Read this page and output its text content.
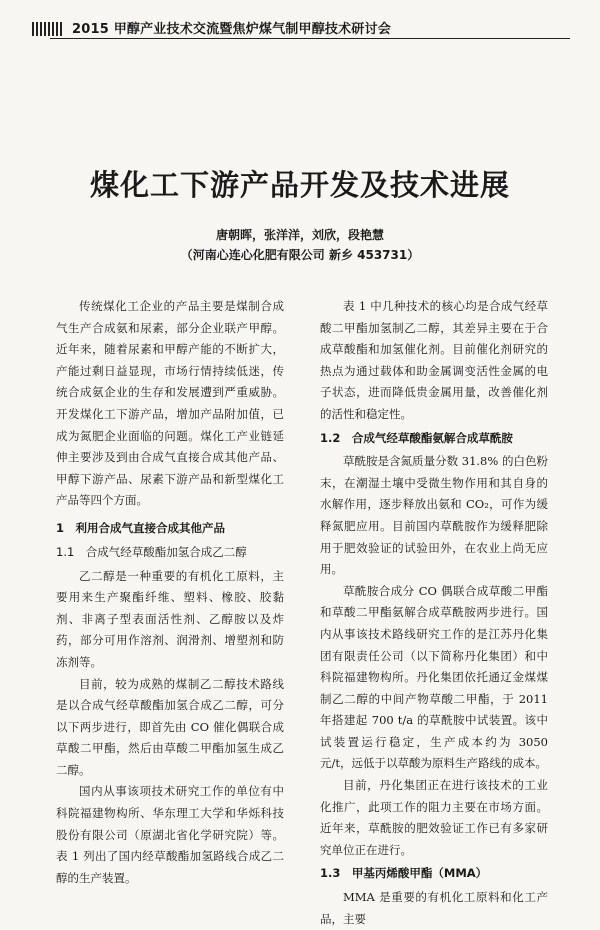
2015 甲醇产业技术交流暨焦炉煤气制甲醇技术研讨会
煤化工下游产品开发及技术进展
唐朝晖，张洋洋，刘欣，段艳慧
（河南心连心化肥有限公司 新乡 453731）

传统煤化工企业的产品主要是煤制合成气生产合成氨和尿素，部分企业联产甲醇。近年来，随着尿素和甲醇产能的不断扩大，产能过剩日益显现，市场行情持续低迷，传统合成氨企业的生存和发展遭到严重威胁。开发煤化工下游产品，增加产品附加值，已成为氮肥企业面临的问题。煤化工产业链延伸主要涉及到由合成气直接合成其他产品、甲醇下游产品、尿素下游产品和新型煤化工产品等四个方面。

1　利用合成气直接合成其他产品
1.1　合成气经草酸酯加氢合成乙二醇

乙二醇是一种重要的有机化工原料，主要用来生产聚酯纤维、塑料、橡胶、胶黏剂、非离子型表面活性剂、乙醇胺以及炸药，部分可用作溶剂、润滑剂、增塑剂和防冻剂等。

目前，较为成熟的煤制乙二醇技术路线是以合成气经草酸酯加氢合成乙二醇，可分以下两步进行，即首先由 CO 催化偶联合成草酸二甲酯，然后由草酸二甲酯加氢生成乙二醇。

国内从事该项技术研究工作的单位有中科院福建物构所、华东理工大学和华烁科技股份有限公司（原湖北省化学研究院）等。表 1 列出了国内经草酸酯加氢路线合成乙二醇的生产装置。

表 1 中几种技术的核心均是合成气经草酸二甲酯加氢制乙二醇，其差异主要在于合成草酸酯和加氢催化剂。目前催化剂研究的热点为通过载体和助金属调变活性金属的电子状态，进而降低贵金属用量，改善催化剂的活性和稳定性。

1.2　合成气经草酸酯氨解合成草酰胺

草酰胺是含氮质量分数 31.8% 的白色粉末，在潮湿土壤中受微生物作用和其自身的水解作用，逐步释放出氨和 CO₂，可作为缓释氮肥应用。目前国内草酰胺作为缓释肥除用于肥效验证的试验田外，在农业上尚无应用。

草酰胺合成分 CO 偶联合成草酸二甲酯和草酸二甲酯氨解合成草酰胺两步进行。国内从事该技术路线研究工作的是江苏丹化集团有限责任公司（以下简称丹化集团）和中科院福建物构所。丹化集团依托通辽金煤煤制乙二醇的中间产物草酸二甲酯，于 2011 年搭建起 700 t/a 的草酰胺中试装置。该中试装置运行稳定，生产成本约为 3050 元/t，远低于以草酸为原料生产路线的成本。

目前，丹化集团正在进行该技术的工业化推广，此项工作的阻力主要在市场方面。近年来，草酰胺的肥效验证工作已有多家研究单位正在进行。

1.3　甲基丙烯酸甲酯（MMA）

MMA 是重要的有机化工原料和化工产品，主要
